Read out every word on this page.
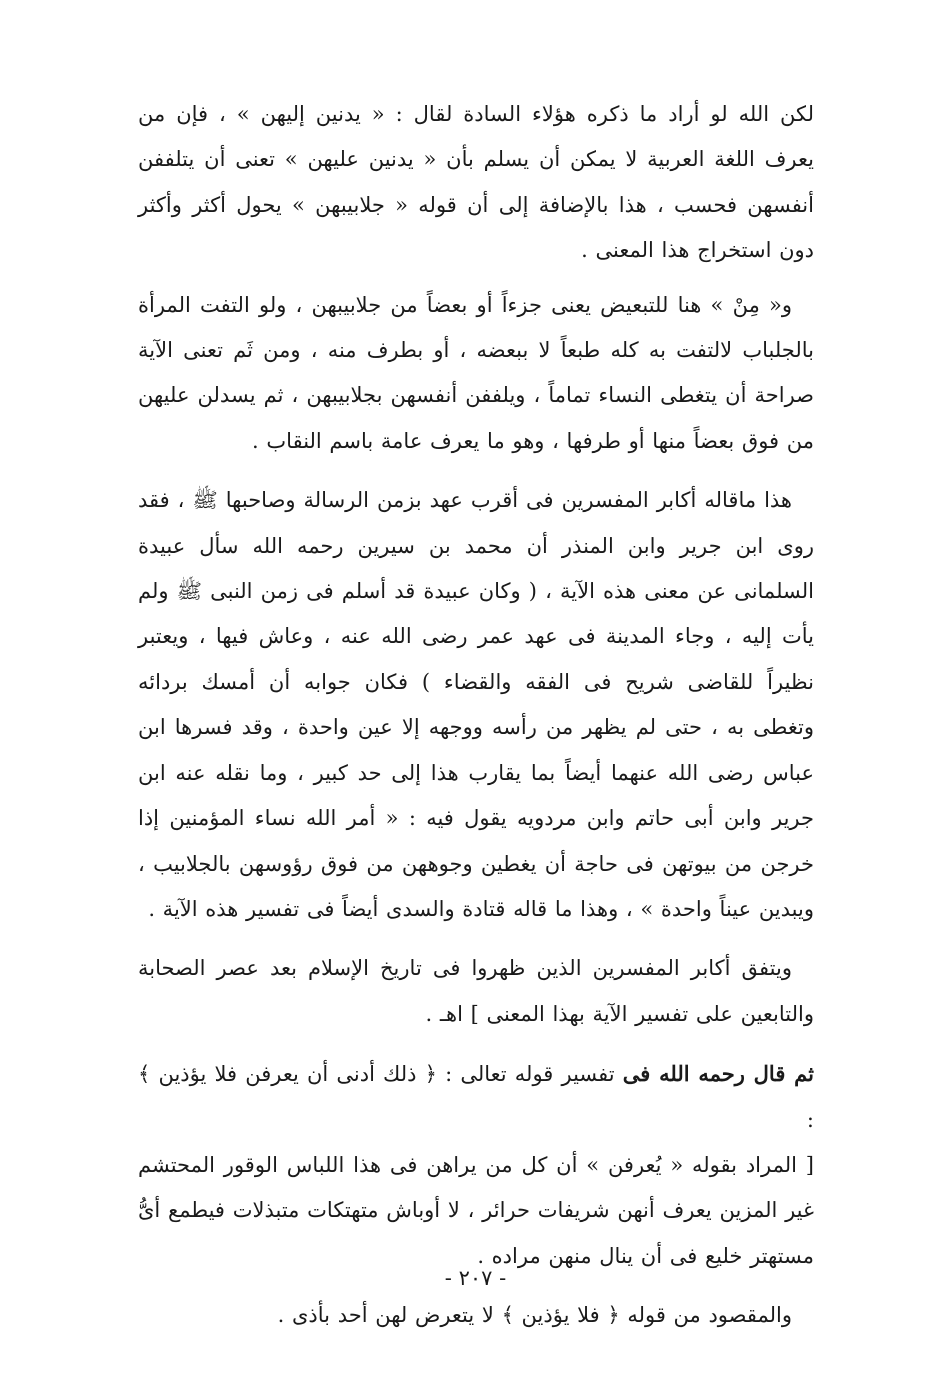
لكن الله لو أراد ما ذكره هؤلاء السادة لقال : « يدنين إليهن » ، فإن من يعرف اللغة العربية لا يمكن أن يسلم بأن « يدنين عليهن » تعنى أن يتلففن أنفسهن فحسب ، هذا بالإضافة إلى أن قوله « جلابيبهن » يحول أكثر وأكثر دون استخراج هذا المعنى .

و« مِنْ » هنا للتبعيض يعنى جزءاً أو بعضاً من جلابيبهن ، ولو التفت المرأة بالجلباب لالتفت به كله طبعاً لا ببعضه ، أو بطرف منه ، ومن ثَم تعنى الآية صراحة أن يتغطى النساء تماماً ، ويلففن أنفسهن بجلابيبهن ، ثم يسدلن عليهن من فوق بعضاً منها أو طرفها ، وهو ما يعرف عامة باسم النقاب .

هذا ماقاله أكابر المفسرين فى أقرب عهد بزمن الرسالة وصاحبها ﷺ ، فقد روى ابن جرير وابن المنذر أن محمد بن سيرين رحمه الله سأل عبيدة السلمانى عن معنى هذه الآية ، ( وكان عبيدة قد أسلم فى زمن النبى ﷺ ولم يأت إليه ، وجاء المدينة فى عهد عمر رضى الله عنه ، وعاش فيها ، ويعتبر نظيراً للقاضى شريح فى الفقه والقضاء ) فكان جوابه أن أمسك بردائه وتغطى به ، حتى لم يظهر من رأسه ووجهه إلا عين واحدة ، وقد فسرها ابن عباس رضى الله عنهما أيضاً بما يقارب هذا إلى حد كبير ، وما نقله عنه ابن جرير وابن أبى حاتم وابن مردويه يقول فيه : « أمر الله نساء المؤمنين إذا خرجن من بيوتهن فى حاجة أن يغطين وجوههن من فوق رؤوسهن بالجلابيب ، ويبدين عيناً واحدة » ، وهذا ما قاله قتادة والسدى أيضاً فى تفسير هذه الآية .

ويتفق أكابر المفسرين الذين ظهروا فى تاريخ الإسلام بعد عصر الصحابة والتابعين على تفسير الآية بهذا المعنى ] اهـ .

ثم قال رحمه الله فى تفسير قوله تعالى : ﴿ ذلك أدنى أن يعرفن فلا يؤذين ﴾ :

[ المراد بقوله « يُعرفن » أن كل من يراهن فى هذا اللباس الوقور المحتشم غير المزين يعرف أنهن شريفات حرائر ، لا أوباش متهتكات متبذلات فيطمع أىُّ مستهتر خليع فى أن ينال منهن مراده .

والمقصود من قوله ﴿ فلا يؤذين ﴾ لا يتعرض لهن أحد بأذى .

- ٢٠٧ -
